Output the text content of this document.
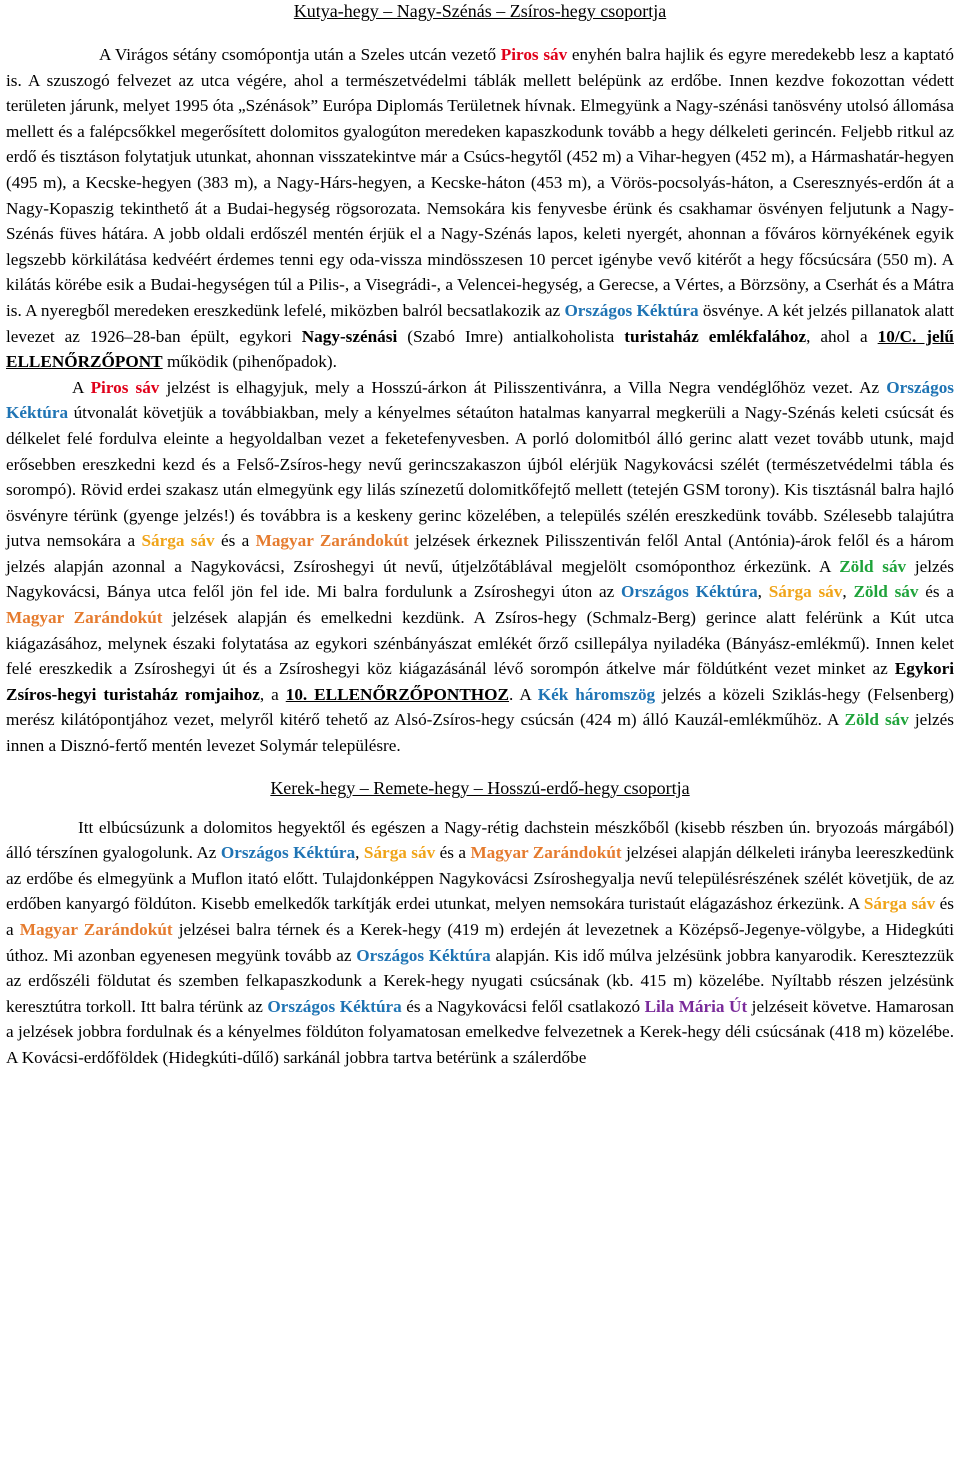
Kutya-hegy – Nagy-Szénás – Zsíros-hegy csoportja

A Virágos sétány csomópontja után a Szeles utcán vezető Piros sáv enyhén balra hajlik és egyre meredekebb lesz a kaptató is. A szuszogó felvezet az utca végére, ahol a természetvédelmi táblák mellett belépünk az erdőbe. Innen kezdve fokozottan védett területen járunk, melyet 1995 óta „Szénások” Európa Diplomás Területnek hívnak. Elmegyünk a Nagy-szénási tanösvény utolsó állomása mellett és a falépcsőkkel megerősített dolomitos gyalogúton meredeken kapaszkodunk tovább a hegy délkeleti gerincén. Feljebb ritkul az erdő és tisztáson folytatjuk utunkat, ahonnan visszatekintve már a Csúcs-hegytől (452 m) a Vihar-hegyen (452 m), a Hármashatár-hegyen (495 m), a Kecske-hegyen (383 m), a Nagy-Hárs-hegyen, a Kecske-háton (453 m), a Vörös-pocsolyás-háton, a Cseresznyés-erdőn át a Nagy-Kopaszig tekinthető át a Budai-hegység rögsorozata. Nemsokára kis fenyvesbe érünk és csakhamar ösvényen feljutunk a Nagy-Szénás füves hátára. A jobb oldali erdőszél mentén érjük el a Nagy-Szénás lapos, keleti nyergét, ahonnan a főváros környékének egyik legszebb körkilátása kedvéért érdemes tenni egy oda-vissza mindösszesen 10 percet igénybe vevő kitérőt a hegy főcsúcsára (550 m). A kilátás körébe esik a Budai-hegységen túl a Pilis-, a Visegrádi-, a Velencei-hegység, a Gerecse, a Vértes, a Börzsöny, a Cserhát és a Mátra is. A nyeregből meredeken ereszkedünk lefelé, miközben balról becsatlakozik az Országos Kéktúra ösvénye. A két jelzés pillanatok alatt levezet az 1926–28-ban épült, egykori Nagy-szénási (Szabó Imre) antialkoholista turistaház emlékfalához, ahol a 10/C. jelű ELLENŐRZŐPONT működik (pihenőpadok).

A Piros sáv jelzést is elhagyjuk, mely a Hosszú-árkon át Pilisszentivánra, a Villa Negra vendéglőhöz vezet. Az Országos Kéktúra útvonalát követjük a továbbiakban, mely a kényelmes sétaúton hatalmas kanyarral megkerüli a Nagy-Szénás keleti csúcsát és délkelet felé fordulva eleinte a hegyoldalban vezet a feketefenyvesben. A porló dolomitból álló gerinc alatt vezet tovább utunk, majd erősebben ereszkedni kezd és a Felső-Zsíros-hegy nevű gerincszakaszon újból elérjük Nagykovácsi szélét (természetvédelmi tábla és sorompó). Rövid erdei szakasz után elmegyünk egy lilás színezetű dolomitkőfejtő mellett (tetején GSM torony). Kis tisztásnál balra hajló ösvényre térünk (gyenge jelzés!) és továbbra is a keskeny gerinc közelében, a település szélén ereszkedünk tovább. Szélesebb talajútra jutva nemsokára a Sárga sáv és a Magyar Zarándokút jelzések érkeznek Pilisszentiván felől Antal (Antónia)-árok felől és a három jelzés alapján azonnal a Nagykovácsi, Zsíroshegyi út nevű, útjelzőtáblával megjelölt csomóponthoz érkezünk. A Zöld sáv jelzés Nagykovácsi, Bánya utca felől jön fel ide. Mi balra fordulunk a Zsíroshegyi úton az Országos Kéktúra, Sárga sáv, Zöld sáv és a Magyar Zarándokút jelzések alapján és emelkedni kezdünk. A Zsíros-hegy (Schmalz-Berg) gerince alatt felérünk a Kút utca kiágazásához, melynek északi folytatása az egykori szénbányászat emlékét őrző csillepálya nyiladéka (Bányász-emlékmű). Innen kelet felé ereszkedik a Zsíroshegyi út és a Zsíroshegyi köz kiágazásánál lévő sorompón átkelve már földútként vezet minket az Egykori Zsíros-hegyi turistaház romjaihoz, a 10. ELLENŐRZŐPONTHOZ. A Kék háromszög jelzés a közeli Sziklás-hegy (Felsenberg) merész kilátópontjához vezet, melyről kitérő tehető az Alsó-Zsíros-hegy csúcsán (424 m) álló Kauzál-emlékműhöz. A Zöld sáv jelzés innen a Disznó-fertő mentén levezet Solymár településre.

Kerek-hegy – Remete-hegy – Hosszú-erdő-hegy csoportja

Itt elbúcsúzunk a dolomitos hegyektől és egészen a Nagy-rétig dachstein mészkőből (kisebb részben ún. bryozoás márgából) álló térszínen gyalogolunk. Az Országos Kéktúra, Sárga sáv és a Magyar Zarándokút jelzései alapján délkeleti irányba leereszkedünk az erdőbe és elmegyünk a Muflon itató előtt. Tulajdonképpen Nagykovácsi Zsíroshegyalja nevű településrészének szélét követjük, de az erdőben kanyargó földúton. Kisebb emelkedők tarkítják erdei utunkat, melyen nemsokára turistaút elágazáshoz érkezünk. A Sárga sáv és a Magyar Zarándokút jelzései balra térnek és a Kerek-hegy (419 m) erdején át levezetnek a Középső-Jegenye-völgybe, a Hidegkúti úthoz. Mi azonban egyenesen megyünk tovább az Országos Kéktúra alapján. Kis idő múlva jelzésünk jobbra kanyarodik. Keresztezzük az erdőszéli földutat és szemben felkapaszkodunk a Kerek-hegy nyugati csúcsának (kb. 415 m) közelébe. Nyíltabb részen jelzésünk keresztútra torkoll. Itt balra térünk az Országos Kéktúra és a Nagykovácsi felől csatlakozó Lila Mária Út jelzéseit követve. Hamarosan a jelzések jobbra fordulnak és a kényelmes földúton folyamatosan emelkedve felvezetnek a Kerek-hegy déli csúcsának (418 m) közelébe. A Kovácsi-erdőföldek (Hidegkúti-dűlő) sarkánál jobbra tartva betérünk a szálerdőbe
